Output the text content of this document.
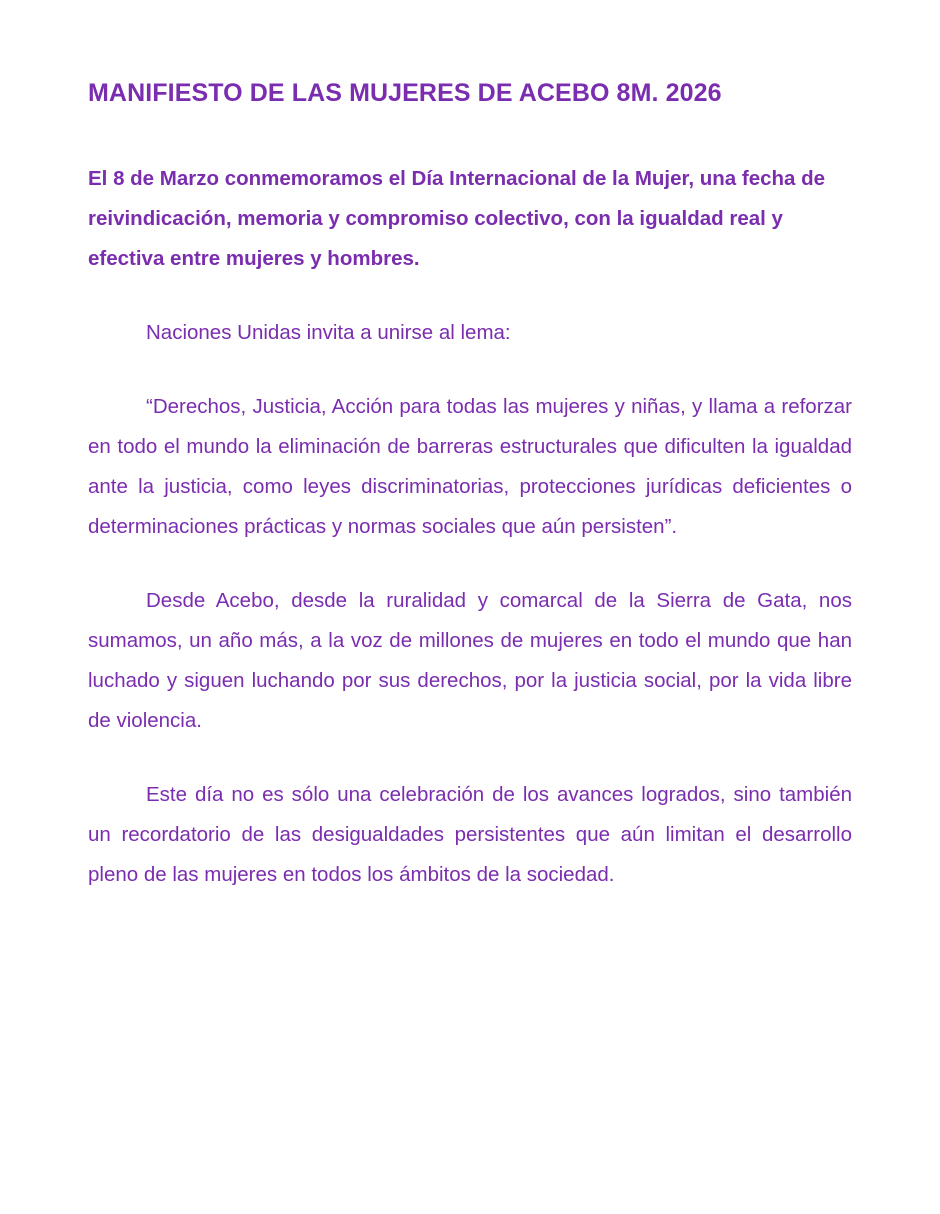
MANIFIESTO DE LAS MUJERES DE ACEBO 8M. 2026

El 8 de Marzo conmemoramos el Día Internacional de la Mujer, una fecha de reivindicación, memoria y compromiso colectivo, con la igualdad real y efectiva entre mujeres y hombres.

Naciones Unidas invita a unirse al lema:

“Derechos, Justicia, Acción para todas las mujeres y niñas, y llama a reforzar en todo el mundo la eliminación de barreras estructurales que dificulten la igualdad ante la justicia, como leyes discriminatorias, protecciones jurídicas deficientes o determinaciones prácticas y normas sociales que aún persisten”.

Desde Acebo, desde la ruralidad y comarcal de la Sierra de Gata, nos sumamos, un año más, a la voz de millones de mujeres en todo el mundo que han luchado y siguen luchando por sus derechos, por la justicia social, por la vida libre de violencia.

Este día no es sólo una celebración de los avances logrados, sino también un recordatorio de las desigualdades persistentes que aún limitan el desarrollo pleno de las mujeres en todos los ámbitos de la sociedad.
